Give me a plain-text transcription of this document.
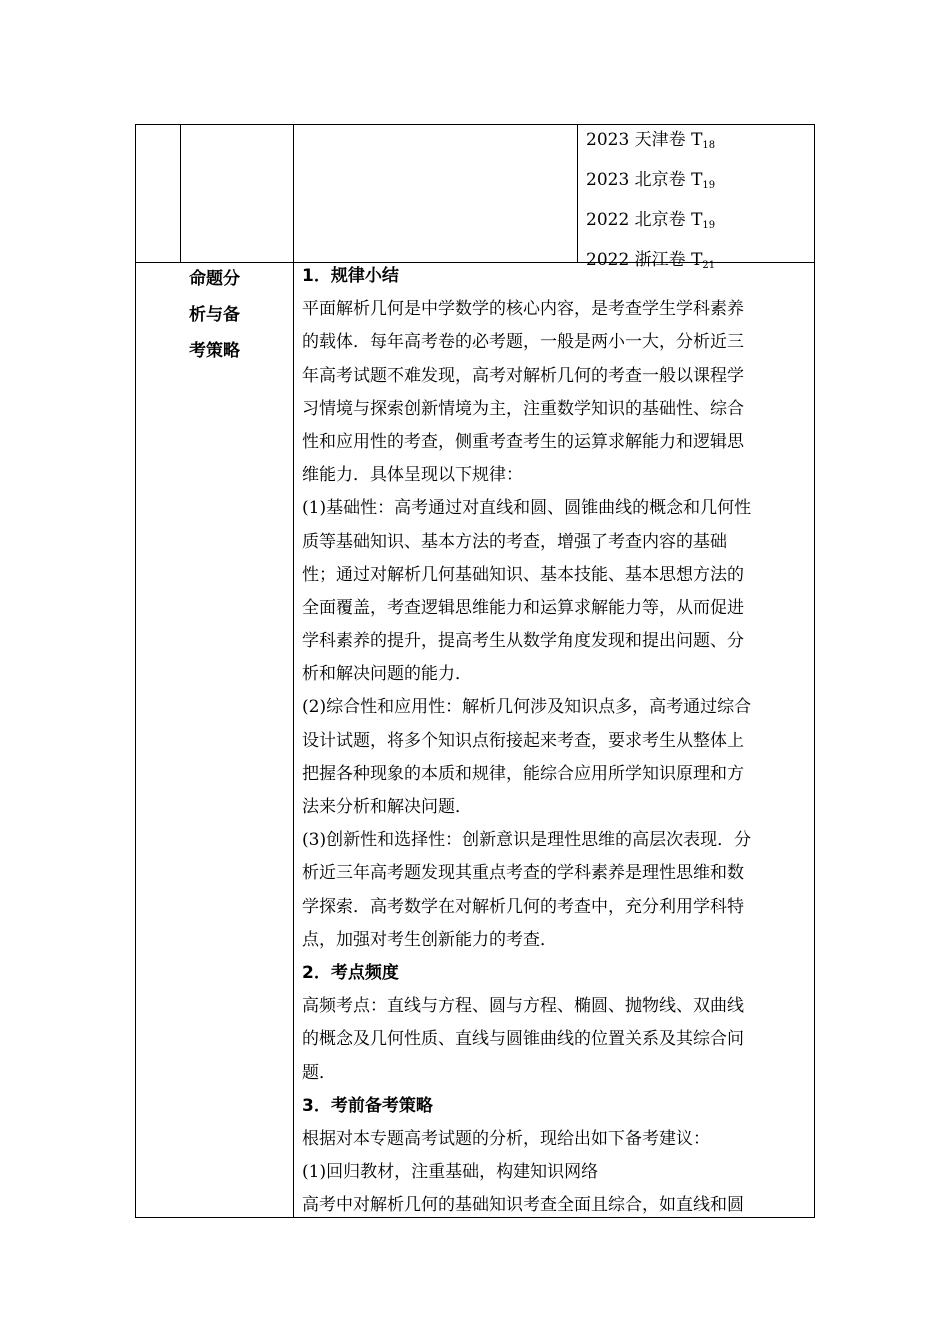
2023 天津卷 $T_{18}$
2023 北京卷 $T_{19}$
2022 北京卷 $T_{19}$
2022 浙江卷 $T_{21}$
命题分
析与备
考策略
1．规律小结
平面解析几何是中学数学的核心内容，是考查学生学科素养
的载体．每年高考卷的必考题，一般是两小一大，分析近三
年高考试题不难发现，高考对解析几何的考查一般以课程学
习情境与探索创新情境为主，注重数学知识的基础性、综合
性和应用性的考查，侧重考查考生的运算求解能力和逻辑思
维能力．具体呈现以下规律：
(1)基础性：高考通过对直线和圆、圆锥曲线的概念和几何性
质等基础知识、基本方法的考查，增强了考查内容的基础
性；通过对解析几何基础知识、基本技能、基本思想方法的
全面覆盖，考查逻辑思维能力和运算求解能力等，从而促进
学科素养的提升，提高考生从数学角度发现和提出问题、分
析和解决问题的能力．
(2)综合性和应用性：解析几何涉及知识点多，高考通过综合
设计试题，将多个知识点衔接起来考查，要求考生从整体上
把握各种现象的本质和规律，能综合应用所学知识原理和方
法来分析和解决问题．
(3)创新性和选择性：创新意识是理性思维的高层次表现．分
析近三年高考题发现其重点考查的学科素养是理性思维和数
学探索．高考数学在对解析几何的考查中，充分利用学科特
点，加强对考生创新能力的考查．
2．考点频度
高频考点：直线与方程、圆与方程、椭圆、抛物线、双曲线
的概念及几何性质、直线与圆锥曲线的位置关系及其综合问
题．
3．考前备考策略
根据对本专题高考试题的分析，现给出如下备考建议：
(1)回归教材，注重基础，构建知识网络
高考中对解析几何的基础知识考查全面且综合，如直线和圆
